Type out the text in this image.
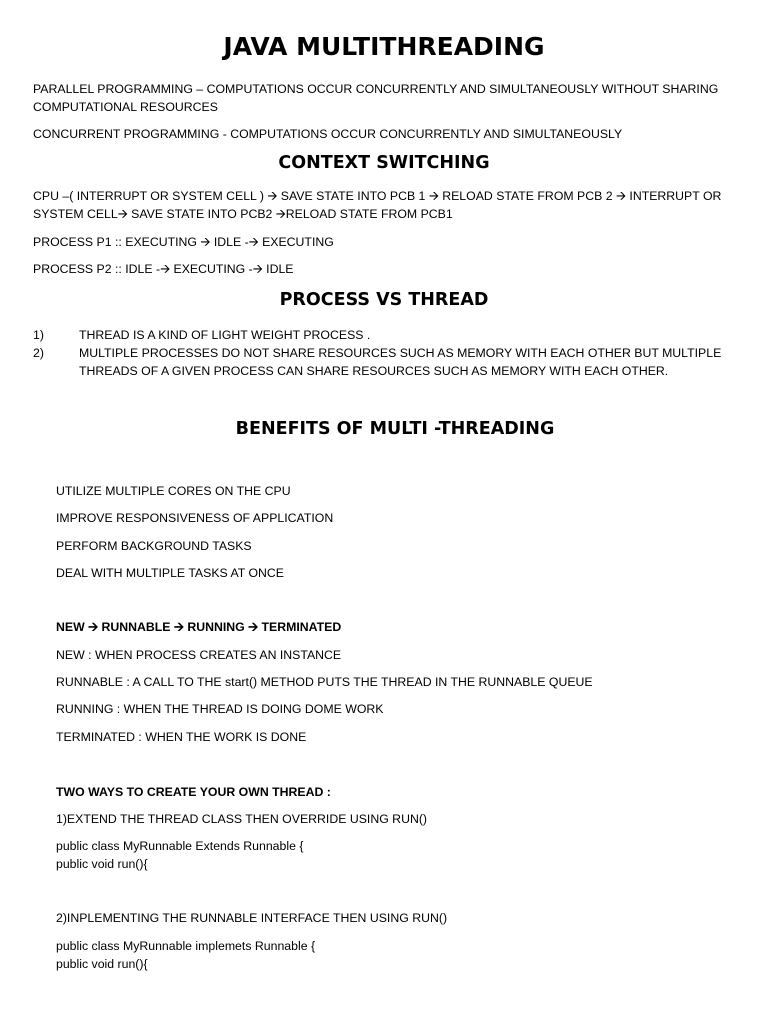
JAVA MULTITHREADING
PARALLEL PROGRAMMING – COMPUTATIONS OCCUR CONCURRENTLY AND SIMULTANEOUSLY WITHOUT SHARING COMPUTATIONAL RESOURCES
CONCURRENT PROGRAMMING - COMPUTATIONS OCCUR CONCURRENTLY AND SIMULTANEOUSLY
CONTEXT SWITCHING
CPU –( INTERRUPT OR SYSTEM CELL ) 🡪 SAVE STATE INTO PCB 1 🡪 RELOAD STATE FROM PCB 2 🡪 INTERRUPT OR SYSTEM CELL🡪 SAVE STATE INTO PCB2 🡪RELOAD STATE FROM PCB1
PROCESS P1 :: EXECUTING 🡪 IDLE -🡪 EXECUTING
PROCESS P2 :: IDLE -🡪 EXECUTING -🡪 IDLE
PROCESS VS THREAD
1)	THREAD IS A KIND OF LIGHT WEIGHT PROCESS .
2)	MULTIPLE PROCESSES DO NOT SHARE RESOURCES SUCH AS MEMORY WITH EACH OTHER BUT MULTIPLE THREADS OF A GIVEN PROCESS CAN SHARE RESOURCES SUCH AS MEMORY WITH EACH OTHER.
BENEFITS OF MULTI -THREADING
UTILIZE MULTIPLE CORES ON THE CPU
IMPROVE RESPONSIVENESS OF APPLICATION
PERFORM BACKGROUND TASKS
DEAL WITH MULTIPLE TASKS AT ONCE
NEW 🡪 RUNNABLE 🡪 RUNNING 🡪 TERMINATED
NEW : WHEN PROCESS CREATES AN INSTANCE
RUNNABLE : A CALL TO THE start() METHOD PUTS THE THREAD IN THE RUNNABLE QUEUE
RUNNING : WHEN THE THREAD IS DOING DOME WORK
TERMINATED : WHEN THE WORK IS DONE
TWO WAYS TO CREATE YOUR OWN THREAD :
1)EXTEND THE THREAD CLASS THEN OVERRIDE USING RUN()
public class MyRunnable Extends Runnable {
public void run(){
2)INPLEMENTING THE RUNNABLE INTERFACE THEN USING RUN()
public class MyRunnable implemets Runnable {
public void run(){
